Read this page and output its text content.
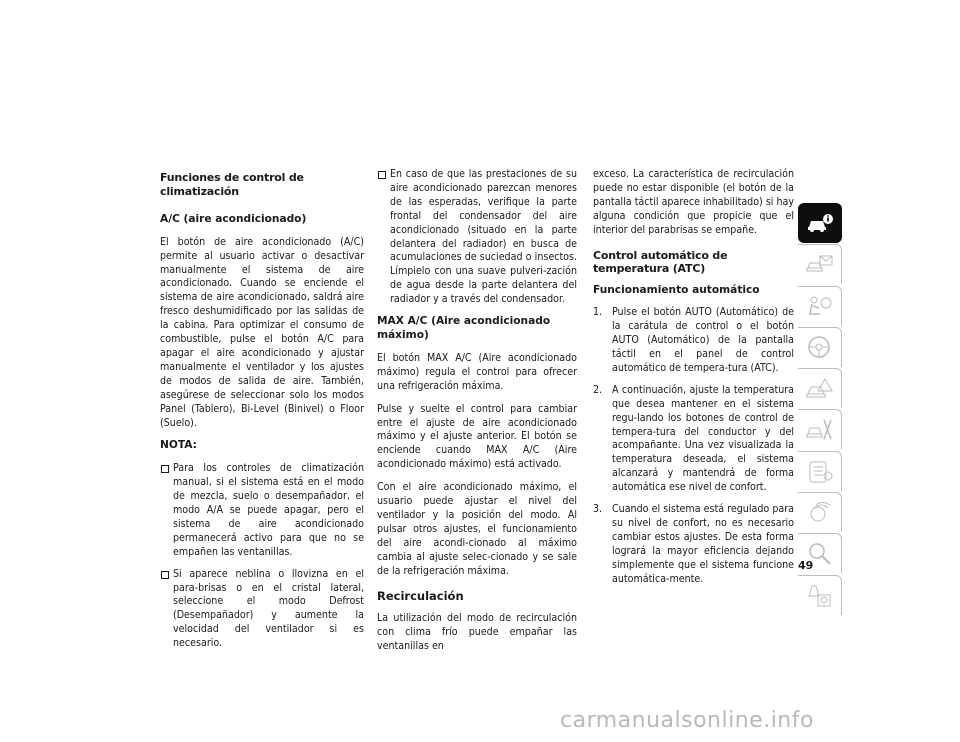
Funciones de control de climatización
A/C (aire acondicionado)

El botón de aire acondicionado (A/C) permite al usuario activar o desactivar manualmente el sistema de aire acondicionado. Cuando se enciende el sistema de aire acondicionado, saldrá aire fresco deshumidificado por las salidas de la cabina. Para optimizar el consumo de combustible, pulse el botón A/C para apagar el aire acondicionado y ajustar manualmente el ventilador y los ajustes de modos de salida de aire. También, asegúrese de seleccionar solo los modos Panel (Tablero), Bi-Level (Binivel) o Floor (Suelo).

NOTA:
Para los controles de climatización manual, si el sistema está en el modo de mezcla, suelo o desempañador, el modo A/A se puede apagar, pero el sistema de aire acondicionado permanecerá activo para que no se empañen las ventanillas.
Si aparece neblina o llovizna en el para-brisas o en el cristal lateral, seleccione el modo Defrost (Desempañador) y aumente la velocidad del ventilador si es necesario.
En caso de que las prestaciones de su aire acondicionado parezcan menores de las esperadas, verifique la parte frontal del condensador del aire acondicionado (situado en la parte delantera del radiador) en busca de acumulaciones de suciedad o insectos. Límpielo con una suave pulveri-zación de agua desde la parte delantera del radiador y a través del condensador.
MAX A/C (Aire acondicionado máximo)

El botón MAX A/C (Aire acondicionado máximo) regula el control para ofrecer una refrigeración máxima.

Pulse y suelte el control para cambiar entre el ajuste de aire acondicionado máximo y el ajuste anterior. El botón se enciende cuando MAX A/C (Aire acondicionado máximo) está activado.

Con el aire acondicionado máximo, el usuario puede ajustar el nivel del ventilador y la posición del modo. Al pulsar otros ajustes, el funcionamiento del aire acondi-cionado al máximo cambia al ajuste selec-cionado y se sale de la refrigeración máxima.

Recirculación

La utilización del modo de recirculación con clima frío puede empañar las ventanillas en

exceso. La característica de recirculación puede no estar disponible (el botón de la pantalla táctil aparece inhabilitado) si hay alguna condición que propicie que el interior del parabrisas se empañe.

Control automático de temperatura (ATC)
Funcionamiento automático
1. Pulse el botón AUTO (Automático) de la carátula de control o el botón AUTO (Automático) de la pantalla táctil en el panel de control automático de tempera-tura (ATC).
2. A continuación, ajuste la temperatura que desea mantener en el sistema regu-lando los botones de control de tempera-tura del conductor y del acompañante. Una vez visualizada la temperatura deseada, el sistema alcanzará y mantendrá de forma automática ese nivel de confort.
3. Cuando el sistema está regulado para su nivel de confort, no es necesario cambiar estos ajustes. De esta forma logrará la mayor eficiencia dejando simplemente que el sistema funcione automática-mente.
49
carmanualsonline.info
